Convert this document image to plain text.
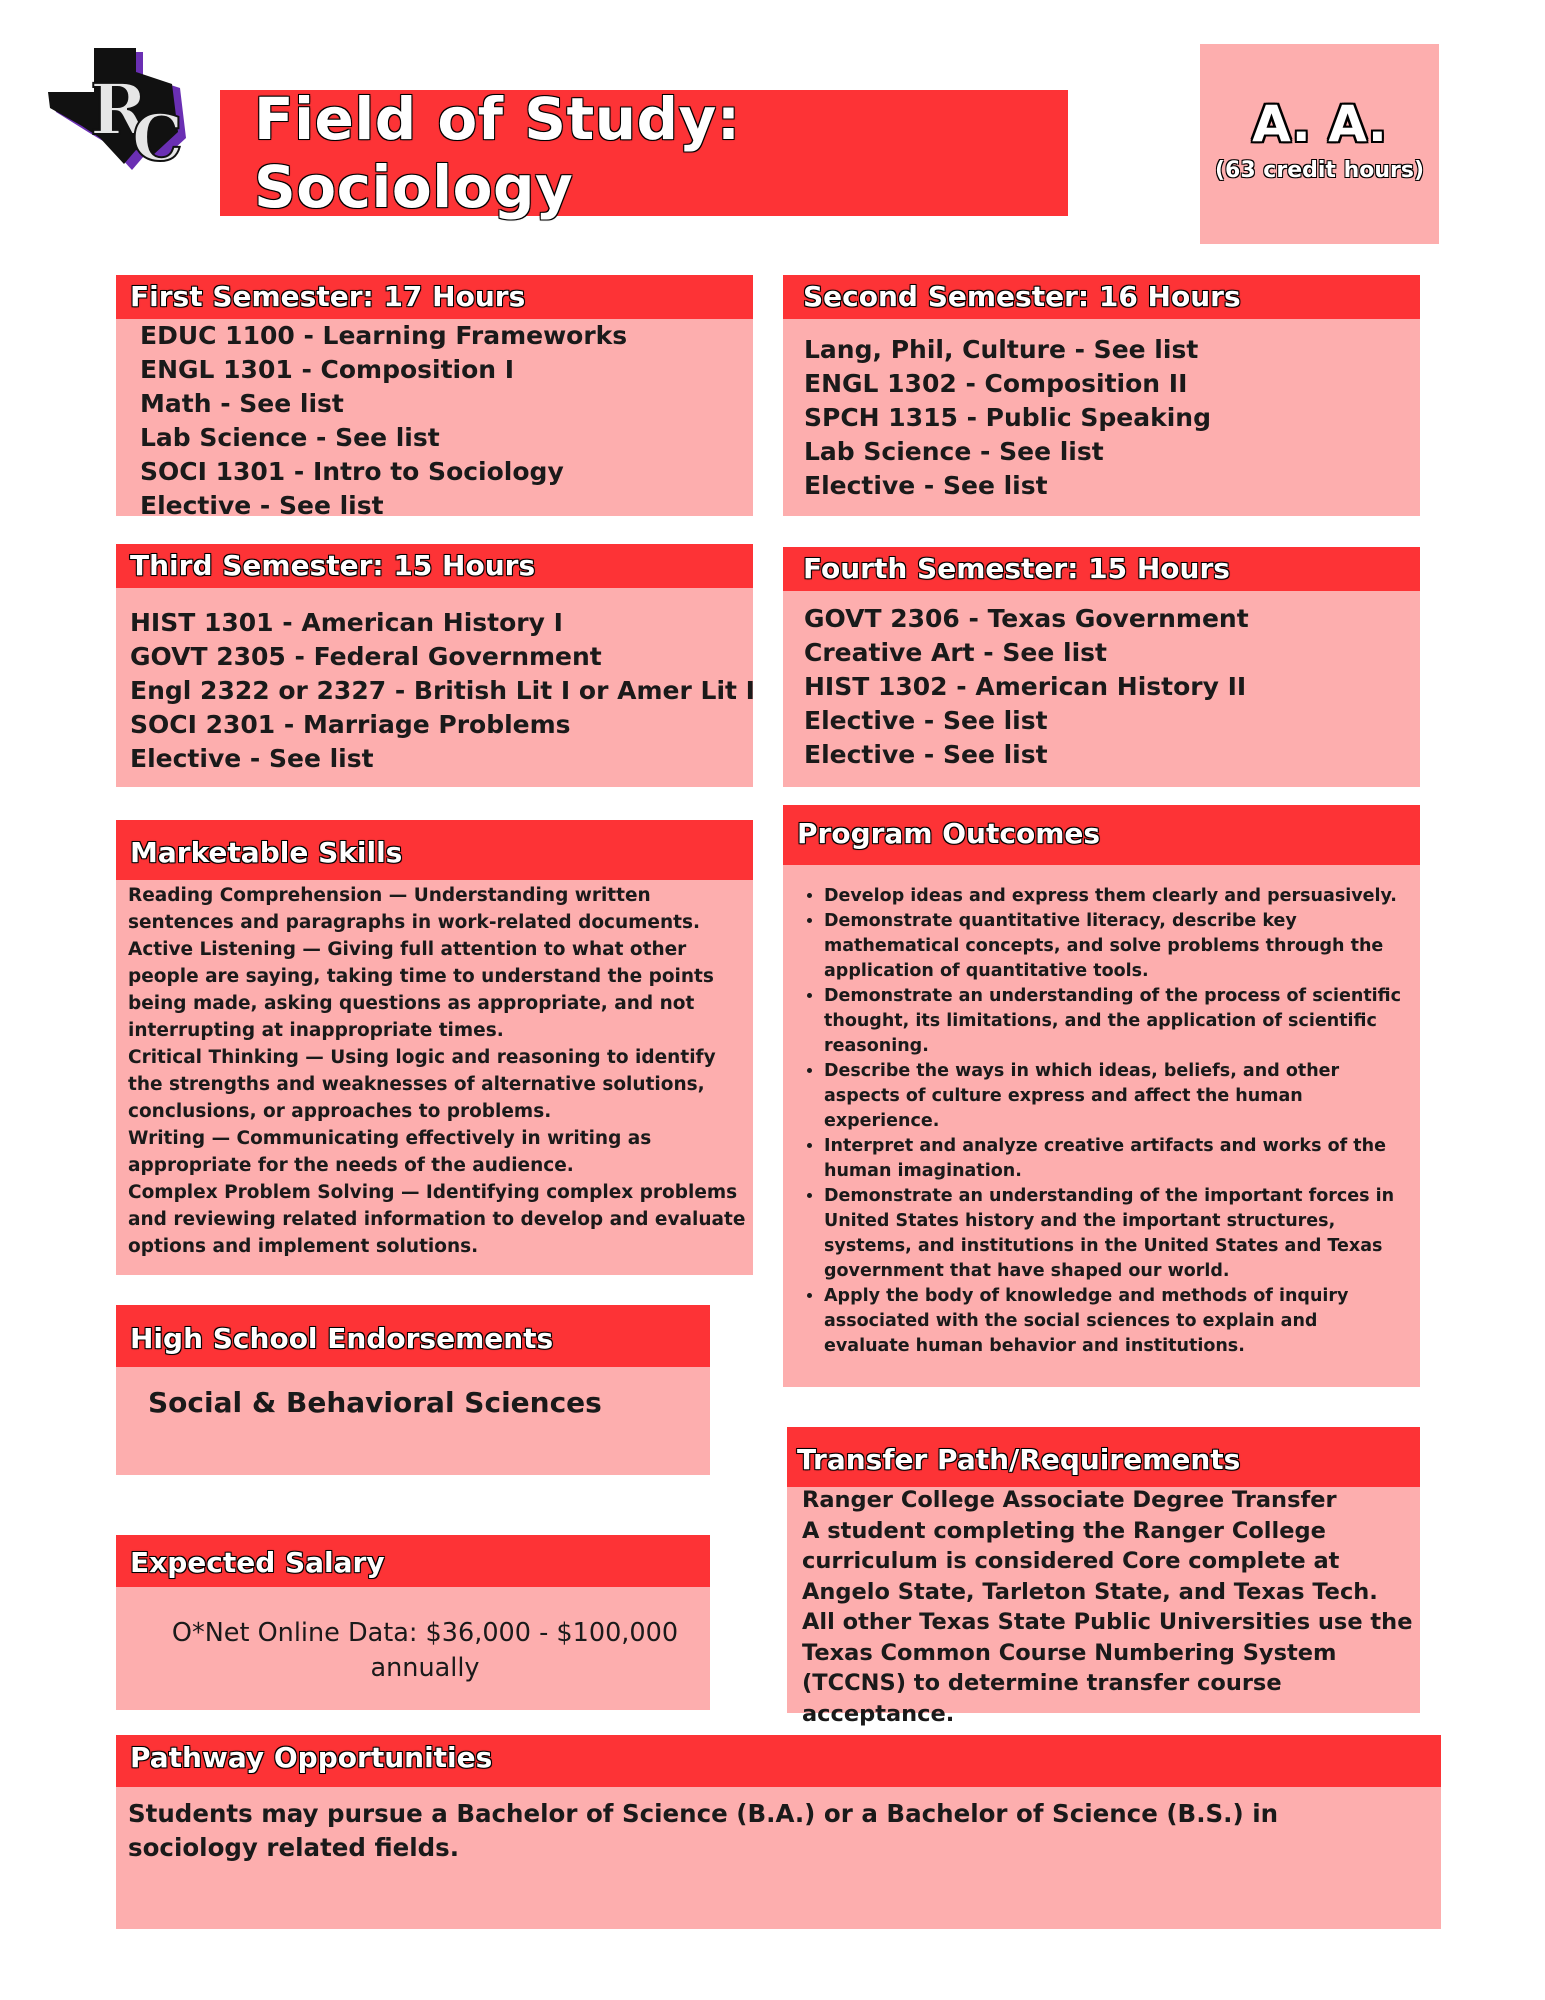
R
C Field of Study: Sociology
A. A.
(63 credit hours)
First Semester: 17 Hours
EDUC 1100 - Learning Frameworks
ENGL 1301 - Composition I
Math - See list
Lab Science - See list
SOCI 1301 - Intro to Sociology
Elective - See list
Second Semester: 16 Hours
Lang, Phil, Culture - See list
ENGL 1302 - Composition II
SPCH 1315 - Public Speaking
Lab Science - See list
Elective - See list
Third Semester: 15 Hours
HIST 1301 - American History I
GOVT 2305 - Federal Government
Engl 2322 or 2327 - British Lit I or Amer Lit I
SOCI 2301 - Marriage Problems
Elective - See list
Fourth Semester: 15 Hours
GOVT 2306 - Texas Government
Creative Art - See list
HIST 1302 - American History II
Elective - See list
Elective - See list
Marketable Skills
Reading Comprehension — Understanding written sentences and paragraphs in work-related documents.
Active Listening — Giving full attention to what other people are saying, taking time to understand the points being made, asking questions as appropriate, and not interrupting at inappropriate times.
Critical Thinking — Using logic and reasoning to identify the strengths and weaknesses of alternative solutions, conclusions, or approaches to problems.
Writing — Communicating effectively in writing as appropriate for the needs of the audience.
Complex Problem Solving — Identifying complex problems and reviewing related information to develop and evaluate options and implement solutions.
Program Outcomes
• Develop ideas and express them clearly and persuasively.
• Demonstrate quantitative literacy, describe key mathematical concepts, and solve problems through the application of quantitative tools.
• Demonstrate an understanding of the process of scientific thought, its limitations, and the application of scientific reasoning.
• Describe the ways in which ideas, beliefs, and other aspects of culture express and affect the human experience.
• Interpret and analyze creative artifacts and works of the human imagination.
• Demonstrate an understanding of the important forces in United States history and the important structures, systems, and institutions in the United States and Texas government that have shaped our world.
• Apply the body of knowledge and methods of inquiry associated with the social sciences to explain and evaluate human behavior and institutions.
High School Endorsements
Social & Behavioral Sciences
Expected Salary
O*Net Online Data: $36,000 - $100,000 annually
Transfer Path/Requirements
Ranger College Associate Degree Transfer
A student completing the Ranger College curriculum is considered Core complete at Angelo State, Tarleton State, and Texas Tech. All other Texas State Public Universities use the Texas Common Course Numbering System (TCCNS) to determine transfer course acceptance.
Pathway Opportunities
Students may pursue a Bachelor of Science (B.A.) or a Bachelor of Science (B.S.) in sociology related fields.
